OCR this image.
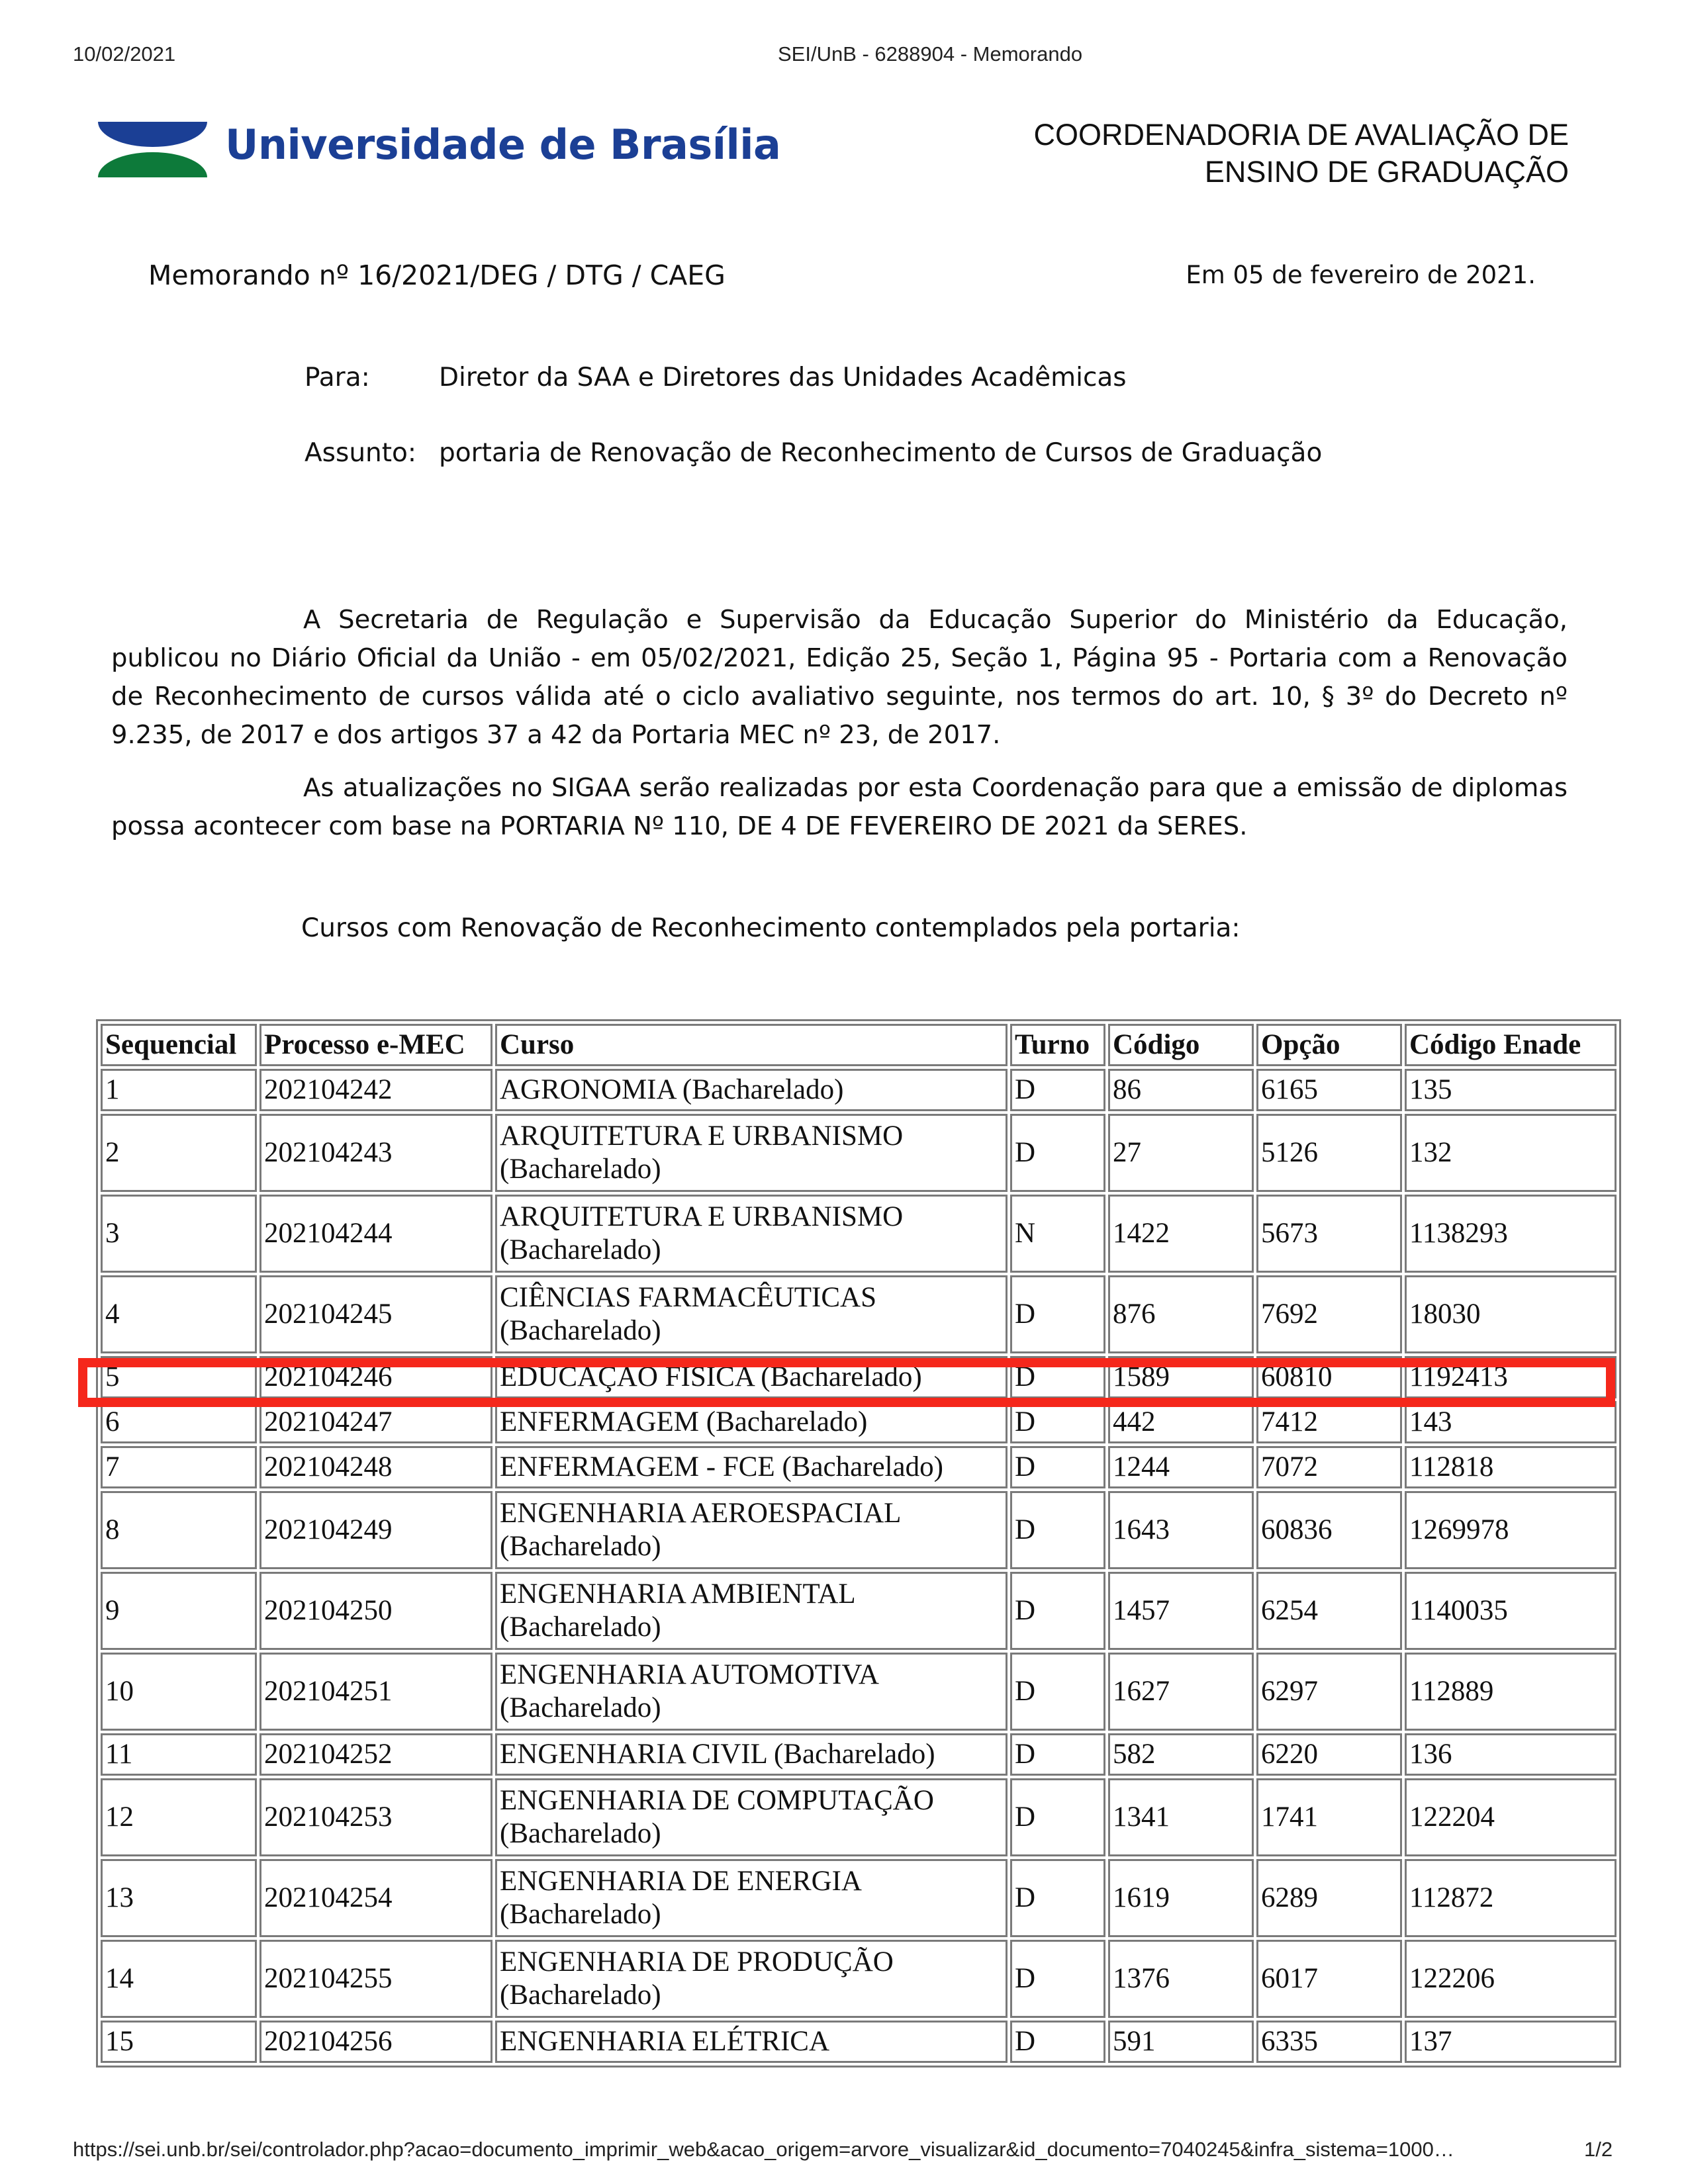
10/02/2021	SEI/UnB - 6288904 - Memorando
Universidade de Brasília	COORDENADORIA DE AVALIAÇÃO DE
ENSINO DE GRADUAÇÃO
Memorando nº 16/2021/DEG / DTG / CAEG	Em 05 de fevereiro de 2021.
Para:	Diretor da SAA e Diretores das Unidades Acadêmicas
Assunto: portaria de Renovação de Reconhecimento de Cursos de Graduação
A Secretaria de Regulação e Supervisão da Educação Superior do Ministério da Educação, publicou no Diário Oficial da União - em 05/02/2021, Edição 25, Seção 1, Página 95 - Portaria com a Renovação de Reconhecimento de cursos válida até o ciclo avaliativo seguinte, nos termos do art. 10, § 3º do Decreto nº 9.235, de 2017 e dos artigos 37 a 42 da Portaria MEC nº 23, de 2017.
As atualizações no SIGAA serão realizadas por esta Coordenação para que a emissão de diplomas possa acontecer com base na PORTARIA Nº 110, DE 4 DE FEVEREIRO DE 2021 da SERES.
Cursos com Renovação de Reconhecimento contemplados pela portaria:
Sequencial	Processo e-MEC	Curso	Turno	Código	Opção	Código Enade
1	202104242	AGRONOMIA (Bacharelado)	D	86	6165	135
2	202104243	ARQUITETURA E URBANISMO (Bacharelado)	D	27	5126	132
3	202104244	ARQUITETURA E URBANISMO (Bacharelado)	N	1422	5673	1138293
4	202104245	CIÊNCIAS FARMACÊUTICAS (Bacharelado)	D	876	7692	18030
5	202104246	EDUCAÇÃO FÍSICA (Bacharelado)	D	1589	60810	1192413
6	202104247	ENFERMAGEM (Bacharelado)	D	442	7412	143
7	202104248	ENFERMAGEM - FCE (Bacharelado)	D	1244	7072	112818
8	202104249	ENGENHARIA AEROESPACIAL (Bacharelado)	D	1643	60836	1269978
9	202104250	ENGENHARIA AMBIENTAL (Bacharelado)	D	1457	6254	1140035
10	202104251	ENGENHARIA AUTOMOTIVA (Bacharelado)	D	1627	6297	112889
11	202104252	ENGENHARIA CIVIL (Bacharelado)	D	582	6220	136
12	202104253	ENGENHARIA DE COMPUTAÇÃO (Bacharelado)	D	1341	1741	122204
13	202104254	ENGENHARIA DE ENERGIA (Bacharelado)	D	1619	6289	112872
14	202104255	ENGENHARIA DE PRODUÇÃO (Bacharelado)	D	1376	6017	122206
15	202104256	ENGENHARIA ELÉTRICA	D	591	6335	137
https://sei.unb.br/sei/controlador.php?acao=documento_imprimir_web&acao_origem=arvore_visualizar&id_documento=7040245&infra_sistema=1000…	1/2
